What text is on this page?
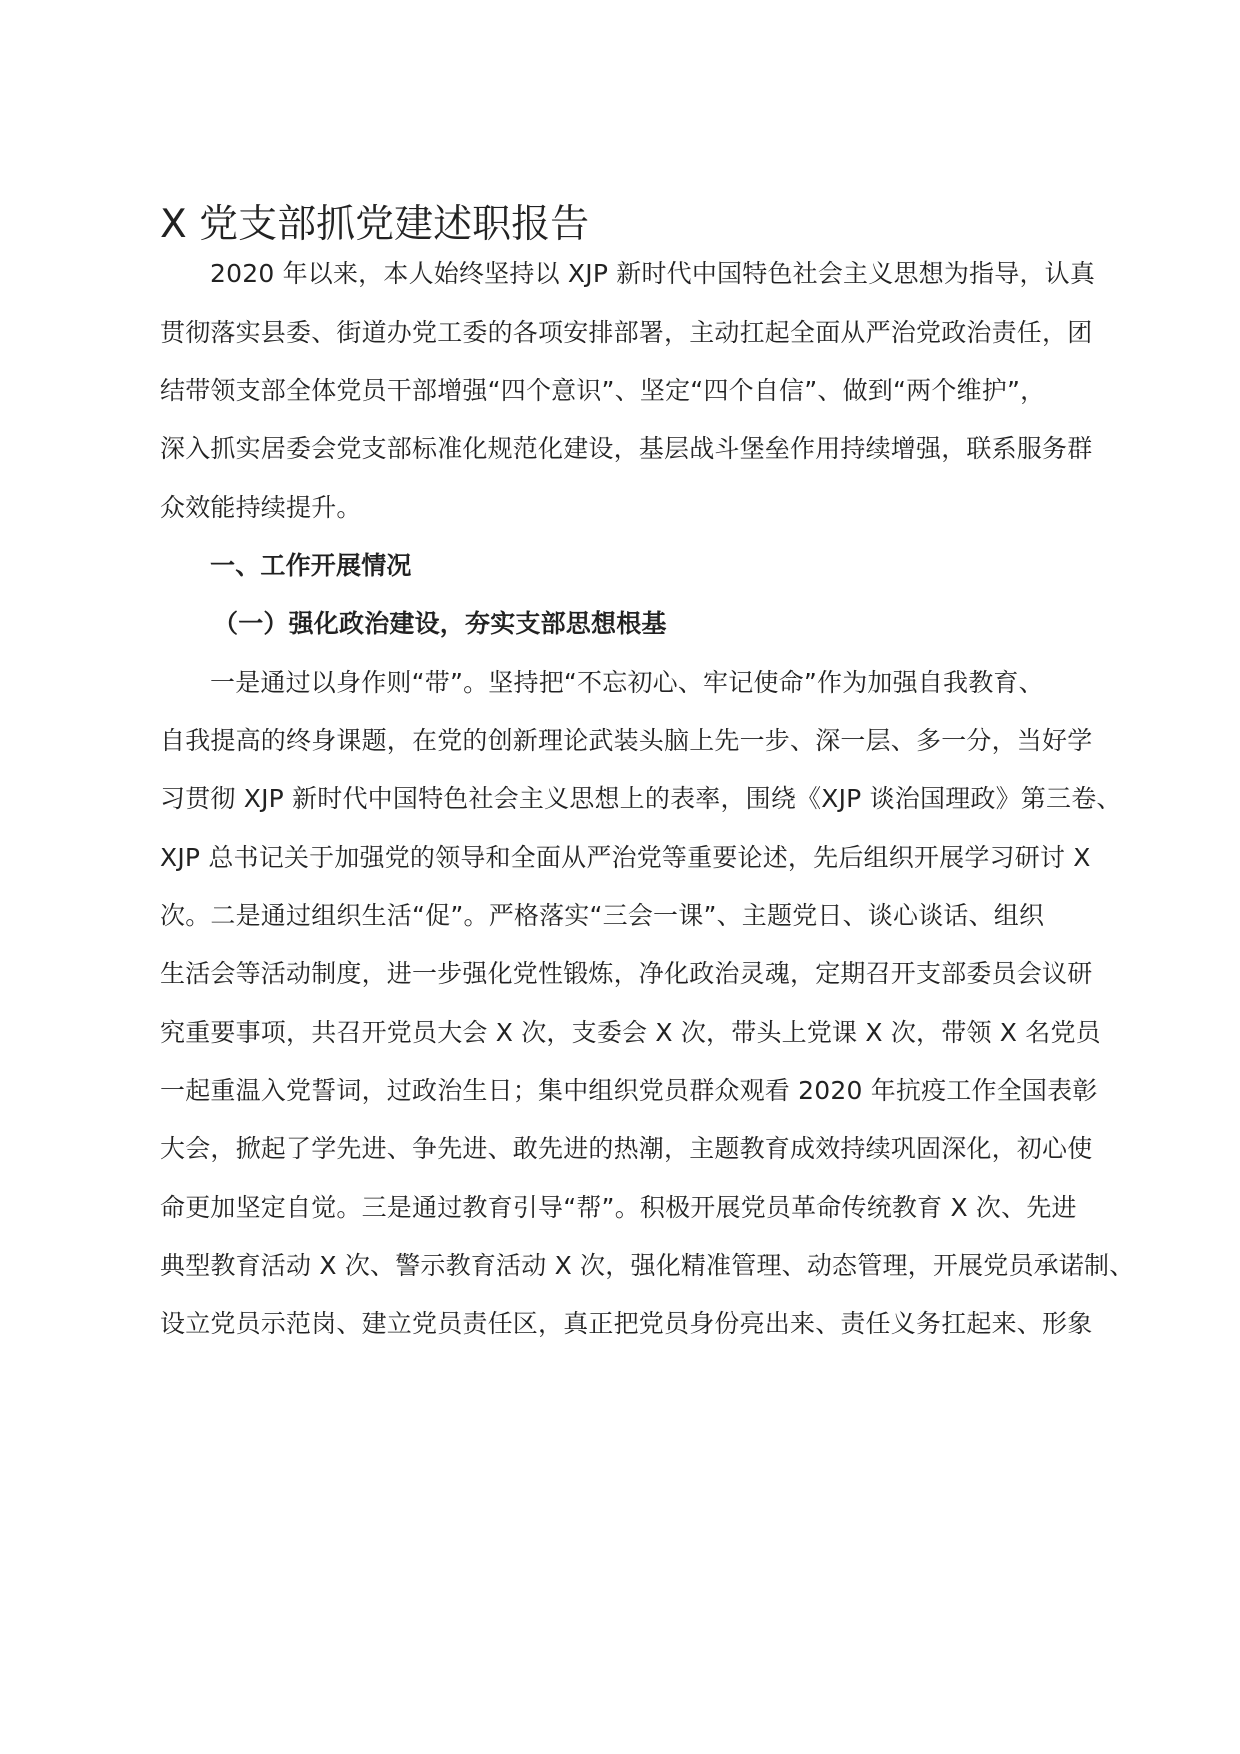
X 党支部抓党建述职报告
2020 年以来，本人始终坚持以 XJP 新时代中国特色社会主义思想为指导，认真
贯彻落实县委、街道办党工委的各项安排部署，主动扛起全面从严治党政治责任，团
结带领支部全体党员干部增强“四个意识”、坚定“四个自信”、做到“两个维护”，
深入抓实居委会党支部标准化规范化建设，基层战斗堡垒作用持续增强，联系服务群
众效能持续提升。
一、工作开展情况
（一）强化政治建设，夯实支部思想根基
一是通过以身作则“带”。坚持把“不忘初心、牢记使命”作为加强自我教育、
自我提高的终身课题，在党的创新理论武装头脑上先一步、深一层、多一分，当好学
习贯彻 XJP 新时代中国特色社会主义思想上的表率，围绕《XJP 谈治国理政》第三卷、
XJP 总书记关于加强党的领导和全面从严治党等重要论述，先后组织开展学习研讨 X
次。二是通过组织生活“促”。严格落实“三会一课”、主题党日、谈心谈话、组织
生活会等活动制度，进一步强化党性锻炼，净化政治灵魂，定期召开支部委员会议研
究重要事项，共召开党员大会 X 次，支委会 X 次，带头上党课 X 次，带领 X 名党员
一起重温入党誓词，过政治生日；集中组织党员群众观看 2020 年抗疫工作全国表彰
大会，掀起了学先进、争先进、敢先进的热潮，主题教育成效持续巩固深化，初心使
命更加坚定自觉。三是通过教育引导“帮”。积极开展党员革命传统教育 X 次、先进
典型教育活动 X 次、警示教育活动 X 次，强化精准管理、动态管理，开展党员承诺制、
设立党员示范岗、建立党员责任区，真正把党员身份亮出来、责任义务扛起来、形象
